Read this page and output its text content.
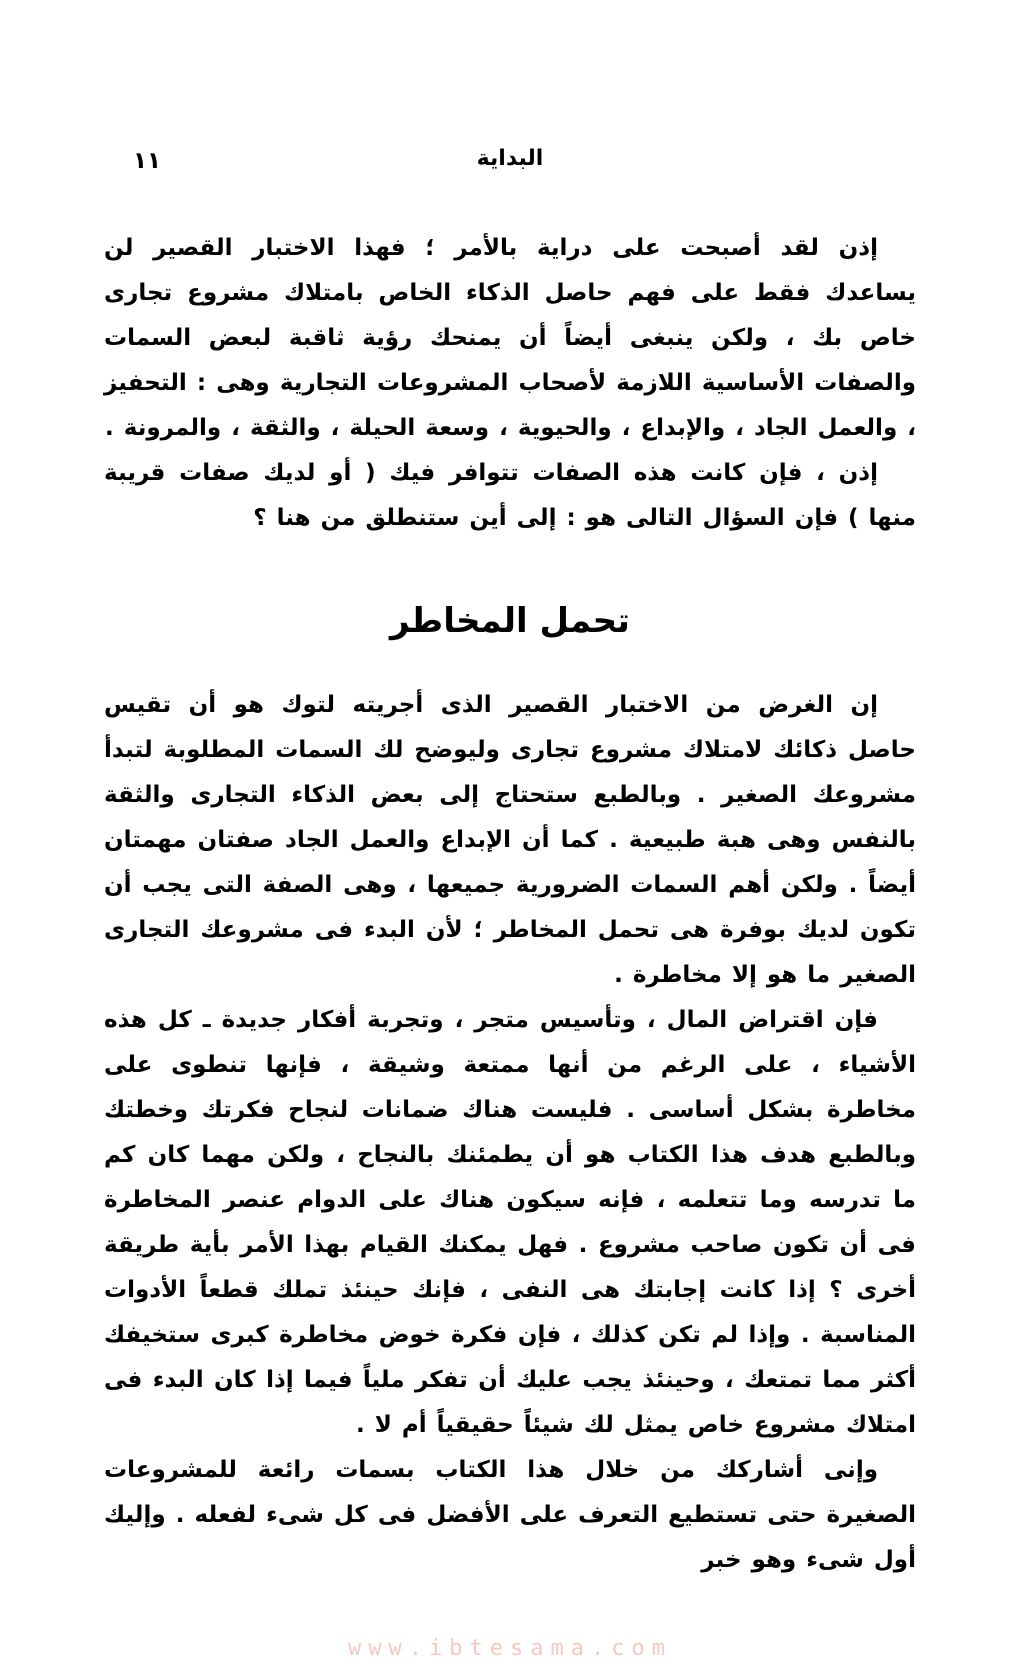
١١	البداية

إذن لقد أصبحت على دراية بالأمر ؛ فهذا الاختبار القصير لن يساعدك فقط على فهم حاصل الذكاء الخاص بامتلاك مشروع تجارى خاص بك ، ولكن ينبغى أيضاً أن يمنحك رؤية ثاقبة لبعض السمات والصفات الأساسية اللازمة لأصحاب المشروعات التجارية وهى : التحفيز ، والعمل الجاد ، والإبداع ، والحيوية ، وسعة الحيلة ، والثقة ، والمرونة .

إذن ، فإن كانت هذه الصفات تتوافر فيك ( أو لديك صفات قريبة منها ) فإن السؤال التالى هو : إلى أين ستنطلق من هنا ؟

تحمل المخاطر

إن الغرض من الاختبار القصير الذى أجريته لتوك هو أن تقيس حاصل ذكائك لامتلاك مشروع تجارى وليوضح لك السمات المطلوبة لتبدأ مشروعك الصغير . وبالطبع ستحتاج إلى بعض الذكاء التجارى والثقة بالنفس وهى هبة طبيعية . كما أن الإبداع والعمل الجاد صفتان مهمتان أيضاً . ولكن أهم السمات الضرورية جميعها ، وهى الصفة التى يجب أن تكون لديك بوفرة هى تحمل المخاطر ؛ لأن البدء فى مشروعك التجارى الصغير ما هو إلا مخاطرة .

فإن اقتراض المال ، وتأسيس متجر ، وتجربة أفكار جديدة ـ كل هذه الأشياء ، على الرغم من أنها ممتعة وشيقة ، فإنها تنطوى على مخاطرة بشكل أساسى . فليست هناك ضمانات لنجاح فكرتك وخطتك وبالطبع هدف هذا الكتاب هو أن يطمئنك بالنجاح ، ولكن مهما كان كم ما تدرسه وما تتعلمه ، فإنه سيكون هناك على الدوام عنصر المخاطرة فى أن تكون صاحب مشروع . فهل يمكنك القيام بهذا الأمر بأية طريقة أخرى ؟ إذا كانت إجابتك هى النفى ، فإنك حينئذ تملك قطعاً الأدوات المناسبة . وإذا لم تكن كذلك ، فإن فكرة خوض مخاطرة كبرى ستخيفك أكثر مما تمتعك ، وحينئذ يجب عليك أن تفكر ملياً فيما إذا كان البدء فى امتلاك مشروع خاص يمثل لك شيئاً حقيقياً أم لا .

وإنى أشاركك من خلال هذا الكتاب بسمات رائعة للمشروعات الصغيرة حتى تستطيع التعرف على الأفضل فى كل شىء لفعله . وإليك أول شىء وهو خبر

www.ibtesama.com
